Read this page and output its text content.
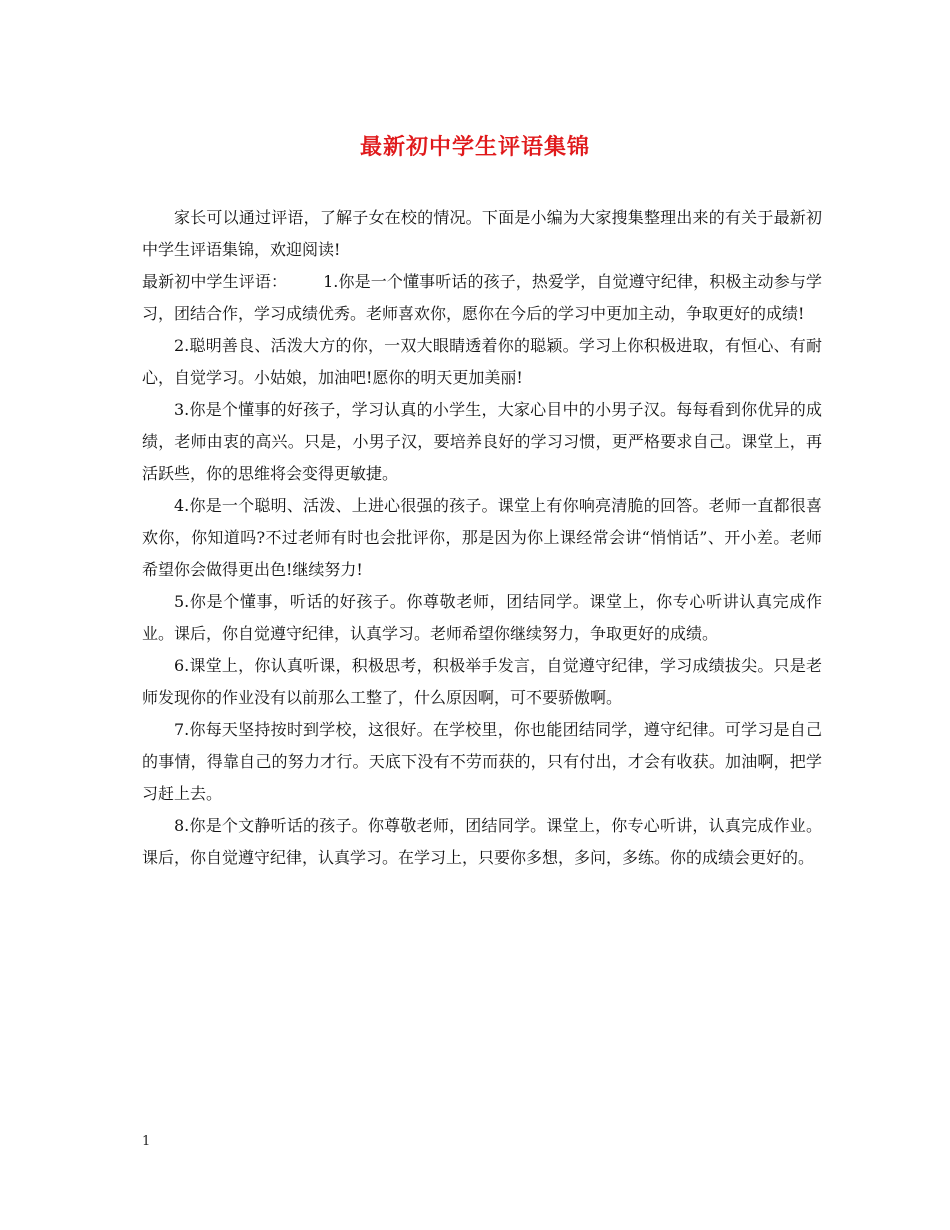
最新初中学生评语集锦

家长可以通过评语，了解子女在校的情况。下面是小编为大家搜集整理出来的有关于最新初中学生评语集锦，欢迎阅读!

最新初中学生评语： 1.你是一个懂事听话的孩子，热爱学，自觉遵守纪律，积极主动参与学习，团结合作，学习成绩优秀。老师喜欢你，愿你在今后的学习中更加主动，争取更好的成绩!

2.聪明善良、活泼大方的你，一双大眼睛透着你的聪颖。学习上你积极进取，有恒心、有耐心，自觉学习。小姑娘，加油吧!愿你的明天更加美丽!

3.你是个懂事的好孩子，学习认真的小学生，大家心目中的小男子汉。每每看到你优异的成绩，老师由衷的高兴。只是，小男子汉，要培养良好的学习习惯，更严格要求自己。课堂上，再活跃些，你的思维将会变得更敏捷。

4.你是一个聪明、活泼、上进心很强的孩子。课堂上有你响亮清脆的回答。老师一直都很喜欢你，你知道吗?不过老师有时也会批评你，那是因为你上课经常会讲“悄悄话”、开小差。老师希望你会做得更出色!继续努力!

5.你是个懂事，听话的好孩子。你尊敬老师，团结同学。课堂上，你专心听讲认真完成作业。课后，你自觉遵守纪律，认真学习。老师希望你继续努力，争取更好的成绩。

6.课堂上，你认真听课，积极思考，积极举手发言，自觉遵守纪律，学习成绩拔尖。只是老师发现你的作业没有以前那么工整了，什么原因啊，可不要骄傲啊。

7.你每天坚持按时到学校，这很好。在学校里，你也能团结同学，遵守纪律。可学习是自己的事情，得靠自己的努力才行。天底下没有不劳而获的，只有付出，才会有收获。加油啊，把学习赶上去。

8.你是个文静听话的孩子。你尊敬老师，团结同学。课堂上，你专心听讲，认真完成作业。课后，你自觉遵守纪律，认真学习。在学习上，只要你多想，多问，多练。你的成绩会更好的。

1
